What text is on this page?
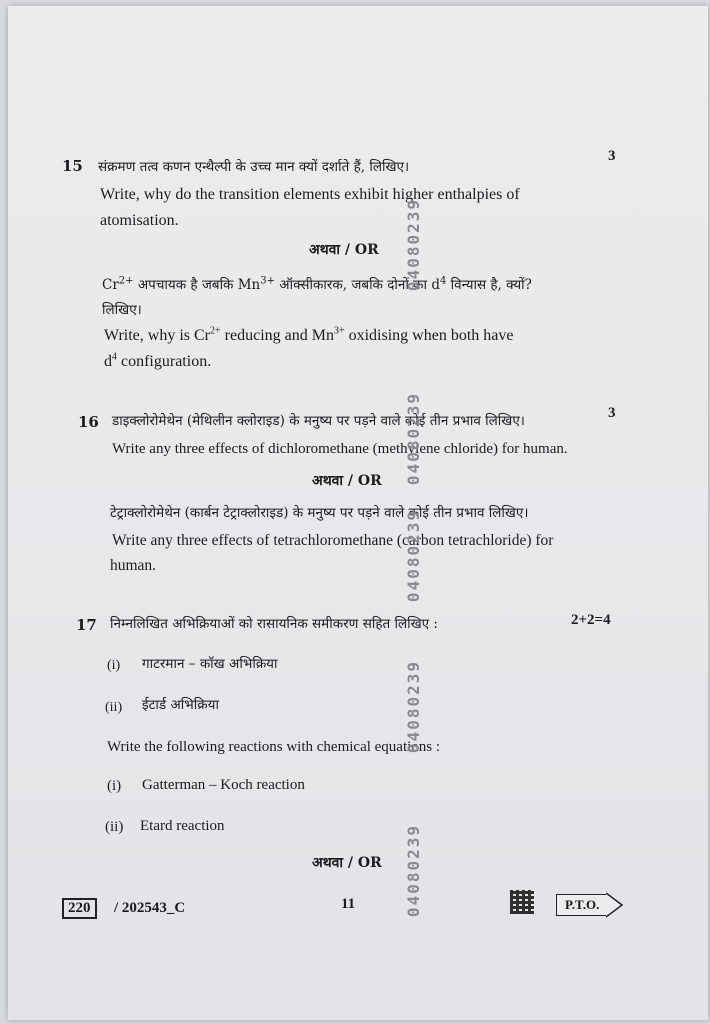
15 संक्रमण तत्व कणन एन्थैल्पी के उच्च मान क्यों दर्शाते हैं, लिखिए।
3
Write, why do the transition elements exhibit higher enthalpies of
atomisation.
अथवा / OR
$Cr^{2+}$ अपचायक है जबकि $Mn^{3+}$ ऑक्सीकारक, जबकि दोनों का $d^4$ विन्यास है, क्यों?
लिखिए।
Write, why is $Cr^{2+}$ reducing and $Mn^{3+}$ oxidising when both have
$d^4$ configuration.
16 डाइक्लोरोमेथेन (मेथिलीन क्लोराइड) के मनुष्य पर पड़ने वाले कोई तीन प्रभाव लिखिए।	3
Write any three effects of dichloromethane (methylene chloride) for human.
अथवा / OR
टेट्राक्लोरोमेथेन (कार्बन टेट्राक्लोराइड) के मनुष्य पर पड़ने वाले कोई तीन प्रभाव लिखिए।
Write any three effects of tetrachloromethane (carbon tetrachloride) for
human.
17 निम्नलिखित अभिक्रियाओं को रासायनिक समीकरण सहित लिखिए :	2+2=4
(i) गाटरमान – कॉख अभिक्रिया
(ii) ईटार्ड अभिक्रिया
Write the following reactions with chemical equations :
(i) Gatterman – Koch reaction
(ii) Etard reaction
अथवा / OR
04080239
04080239
04080239
04080239
04080239
220	/ 202543_C	11	P.T.O.
